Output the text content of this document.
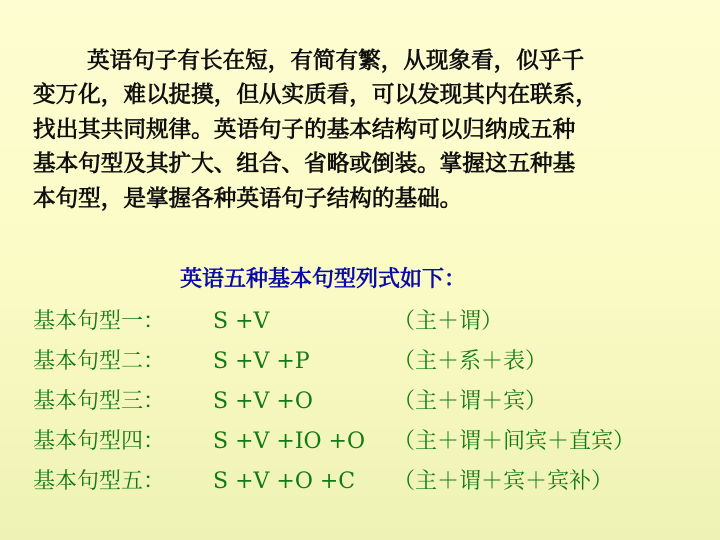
英语句子有长在短，有简有繁，从现象看，似乎千
变万化，难以捉摸，但从实质看，可以发现其内在联系，
找出其共同规律。英语句子的基本结构可以归纳成五种
基本句型及其扩大、组合、省略或倒装。掌握这五种基
本句型，是掌握各种英语句子结构的基础。
英语五种基本句型列式如下：
基本句型一： S +V	（主＋谓）
基本句型二： S +V +P	（主＋系＋表）
基本句型三： S +V +O	（主＋谓＋宾）
基本句型四： S +V +IO +O （主＋谓＋间宾＋直宾）
基本句型五： S +V +O +C （主＋谓＋宾＋宾补）
